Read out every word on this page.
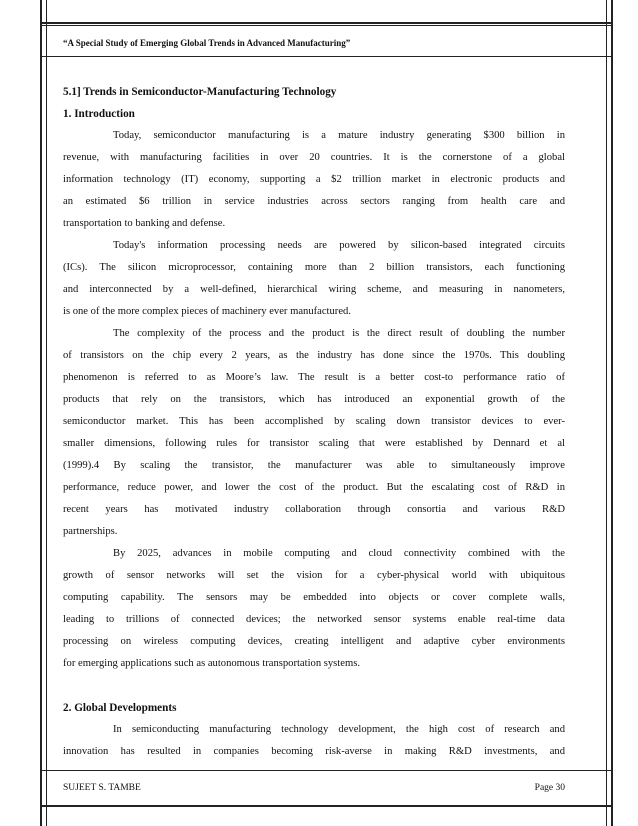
“A Special Study of Emerging Global Trends in Advanced Manufacturing”
5.1] Trends in Semiconductor-Manufacturing Technology
1. Introduction
Today, semiconductor manufacturing is a mature industry generating $300 billion in
revenue, with manufacturing facilities in over 20 countries. It is the cornerstone of a global
information technology (IT) economy, supporting a $2 trillion market in electronic products and
an estimated $6 trillion in service industries across sectors ranging from health care and
transportation to banking and defense.
Today's information processing needs are powered by silicon-based integrated circuits
(ICs). The silicon microprocessor, containing more than 2 billion transistors, each functioning
and interconnected by a well-defined, hierarchical wiring scheme, and measuring in nanometers,
is one of the more complex pieces of machinery ever manufactured.
The complexity of the process and the product is the direct result of doubling the number
of transistors on the chip every 2 years, as the industry has done since the 1970s. This doubling
phenomenon is referred to as Moore’s law. The result is a better cost-to performance ratio of
products that rely on the transistors, which has introduced an exponential growth of the
semiconductor market. This has been accomplished by scaling down transistor devices to ever-
smaller dimensions, following rules for transistor scaling that were established by Dennard et al
(1999).4 By scaling the transistor, the manufacturer was able to simultaneously improve
performance, reduce power, and lower the cost of the product. But the escalating cost of R&D in
recent years has motivated industry collaboration through consortia and various R&D
partnerships.
By 2025, advances in mobile computing and cloud connectivity combined with the
growth of sensor networks will set the vision for a cyber-physical world with ubiquitous
computing capability. The sensors may be embedded into objects or cover complete walls,
leading to trillions of connected devices; the networked sensor systems enable real-time data
processing on wireless computing devices, creating intelligent and adaptive cyber environments
for emerging applications such as autonomous transportation systems.
2. Global Developments
In semiconducting manufacturing technology development, the high cost of research and
innovation has resulted in companies becoming risk-averse in making R&D investments, and
SUJEET S. TAMBE	Page 30
